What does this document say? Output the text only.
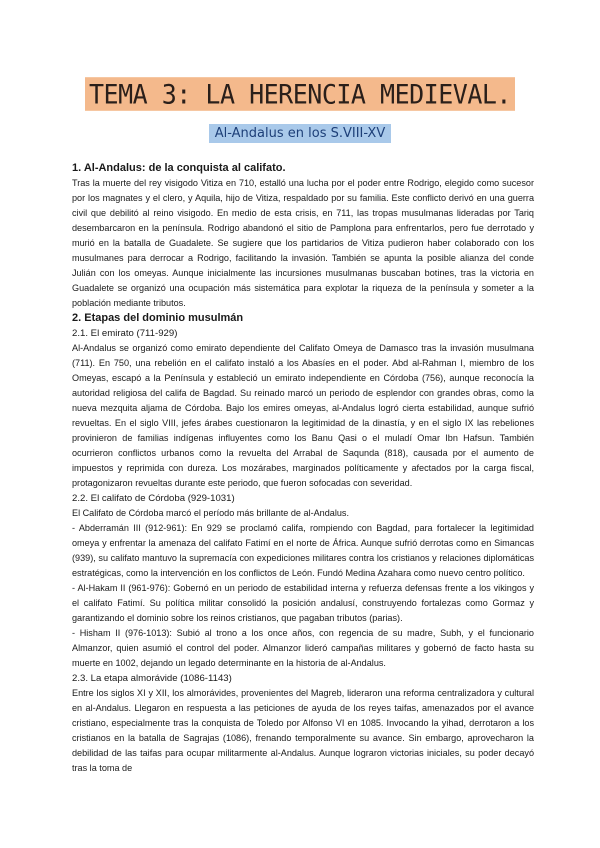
TEMA 3: LA HERENCIA MEDIEVAL.
Al-Andalus en los S.VIII-XV

1. Al-Andalus: de la conquista al califato.

Tras la muerte del rey visigodo Vitiza en 710, estalló una lucha por el poder entre Rodrigo, elegido como sucesor por los magnates y el clero, y Aquila, hijo de Vitiza, respaldado por su familia. Este conflicto derivó en una guerra civil que debilitó al reino visigodo. En medio de esta crisis, en 711, las tropas musulmanas lideradas por Tariq desembarcaron en la península. Rodrigo abandonó el sitio de Pamplona para enfrentarlos, pero fue derrotado y murió en la batalla de Guadalete. Se sugiere que los partidarios de Vitiza pudieron haber colaborado con los musulmanes para derrocar a Rodrigo, facilitando la invasión. También se apunta la posible alianza del conde Julián con los omeyas. Aunque inicialmente las incursiones musulmanas buscaban botines, tras la victoria en Guadalete se organizó una ocupación más sistemática para explotar la riqueza de la península y someter a la población mediante tributos.

2. Etapas del dominio musulmán

2.1. El emirato (711-929)

Al-Andalus se organizó como emirato dependiente del Califato Omeya de Damasco tras la invasión musulmana (711). En 750, una rebelión en el califato instaló a los Abasíes en el poder. Abd al-Rahman I, miembro de los Omeyas, escapó a la Península y estableció un emirato independiente en Córdoba (756), aunque reconocía la autoridad religiosa del califa de Bagdad. Su reinado marcó un periodo de esplendor con grandes obras, como la nueva mezquita aljama de Córdoba. Bajo los emires omeyas, al-Andalus logró cierta estabilidad, aunque sufrió revueltas. En el siglo VIII, jefes árabes cuestionaron la legitimidad de la dinastía, y en el siglo IX las rebeliones provinieron de familias indígenas influyentes como los Banu Qasi o el muladí Omar Ibn Hafsun. También ocurrieron conflictos urbanos como la revuelta del Arrabal de Saqunda (818), causada por el aumento de impuestos y reprimida con dureza. Los mozárabes, marginados políticamente y afectados por la carga fiscal, protagonizaron revueltas durante este periodo, que fueron sofocadas con severidad.

2.2. El califato de Córdoba (929-1031)

El Califato de Córdoba marcó el período más brillante de al-Andalus.

- Abderramán III (912-961): En 929 se proclamó califa, rompiendo con Bagdad, para fortalecer la legitimidad omeya y enfrentar la amenaza del califato Fatimí en el norte de África. Aunque sufrió derrotas como en Simancas (939), su califato mantuvo la supremacía con expediciones militares contra los cristianos y relaciones diplomáticas estratégicas, como la intervención en los conflictos de León. Fundó Medina Azahara como nuevo centro político.

- Al-Hakam II (961-976): Gobernó en un periodo de estabilidad interna y refuerza defensas frente a los vikingos y el califato Fatimí. Su política militar consolidó la posición andalusí, construyendo fortalezas como Gormaz y garantizando el dominio sobre los reinos cristianos, que pagaban tributos (parias).

- Hisham II (976-1013): Subió al trono a los once años, con regencia de su madre, Subh, y el funcionario Almanzor, quien asumió el control del poder. Almanzor lideró campañas militares y gobernó de facto hasta su muerte en 1002, dejando un legado determinante en la historia de al-Andalus.

2.3. La etapa almorávide (1086-1143)

Entre los siglos XI y XII, los almorávides, provenientes del Magreb, lideraron una reforma centralizadora y cultural en al-Andalus. Llegaron en respuesta a las peticiones de ayuda de los reyes taifas, amenazados por el avance cristiano, especialmente tras la conquista de Toledo por Alfonso VI en 1085. Invocando la yihad, derrotaron a los cristianos en la batalla de Sagrajas (1086), frenando temporalmente su avance. Sin embargo, aprovecharon la debilidad de las taifas para ocupar militarmente al-Andalus. Aunque lograron victorias iniciales, su poder decayó tras la toma de
